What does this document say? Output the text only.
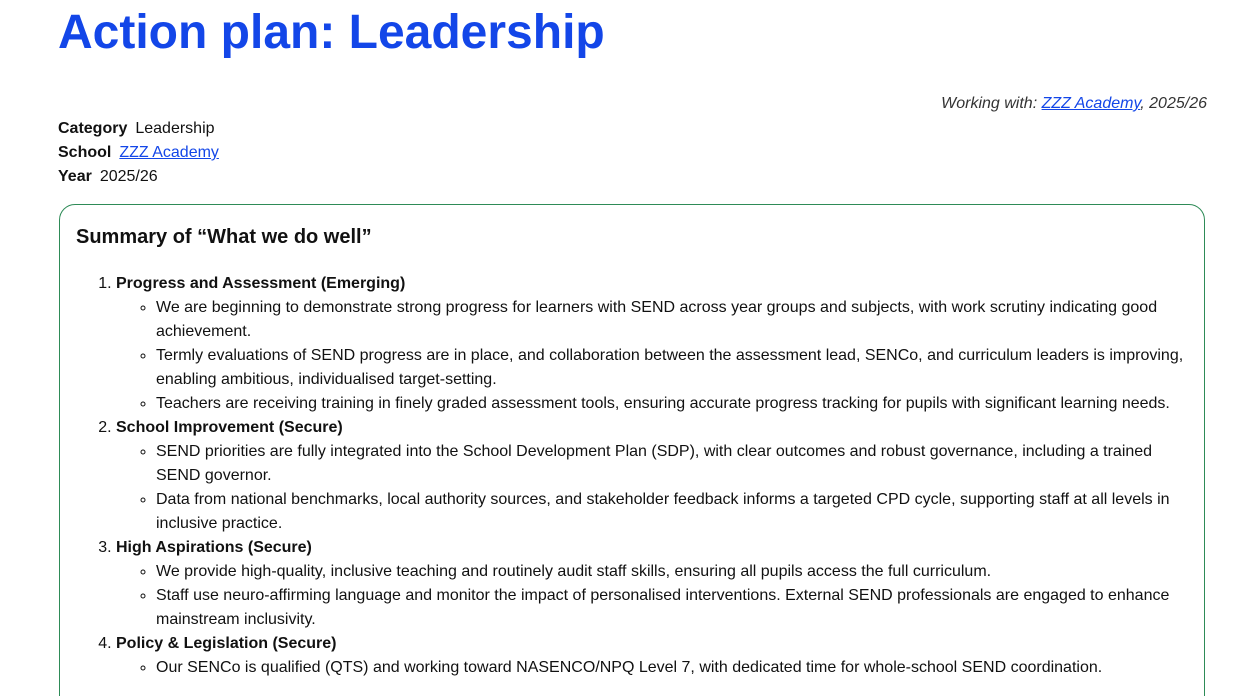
Action plan: Leadership
Working with: ZZZ Academy, 2025/26
Category Leadership
School ZZZ Academy
Year 2025/26
Summary of “What we do well”
1. Progress and Assessment (Emerging)
◦ We are beginning to demonstrate strong progress for learners with SEND across year groups and subjects, with work scrutiny indicating good achievement.
◦ Termly evaluations of SEND progress are in place, and collaboration between the assessment lead, SENCo, and curriculum leaders is improving, enabling ambitious, individualised target-setting.
◦ Teachers are receiving training in finely graded assessment tools, ensuring accurate progress tracking for pupils with significant learning needs.
2. School Improvement (Secure)
◦ SEND priorities are fully integrated into the School Development Plan (SDP), with clear outcomes and robust governance, including a trained SEND governor.
◦ Data from national benchmarks, local authority sources, and stakeholder feedback informs a targeted CPD cycle, supporting staff at all levels in inclusive practice.
3. High Aspirations (Secure)
◦ We provide high-quality, inclusive teaching and routinely audit staff skills, ensuring all pupils access the full curriculum.
◦ Staff use neuro-affirming language and monitor the impact of personalised interventions. External SEND professionals are engaged to enhance mainstream inclusivity.
4. Policy & Legislation (Secure)
◦ Our SENCo is qualified (QTS) and working toward NASENCO/NPQ Level 7, with dedicated time for whole-school SEND coordination.
